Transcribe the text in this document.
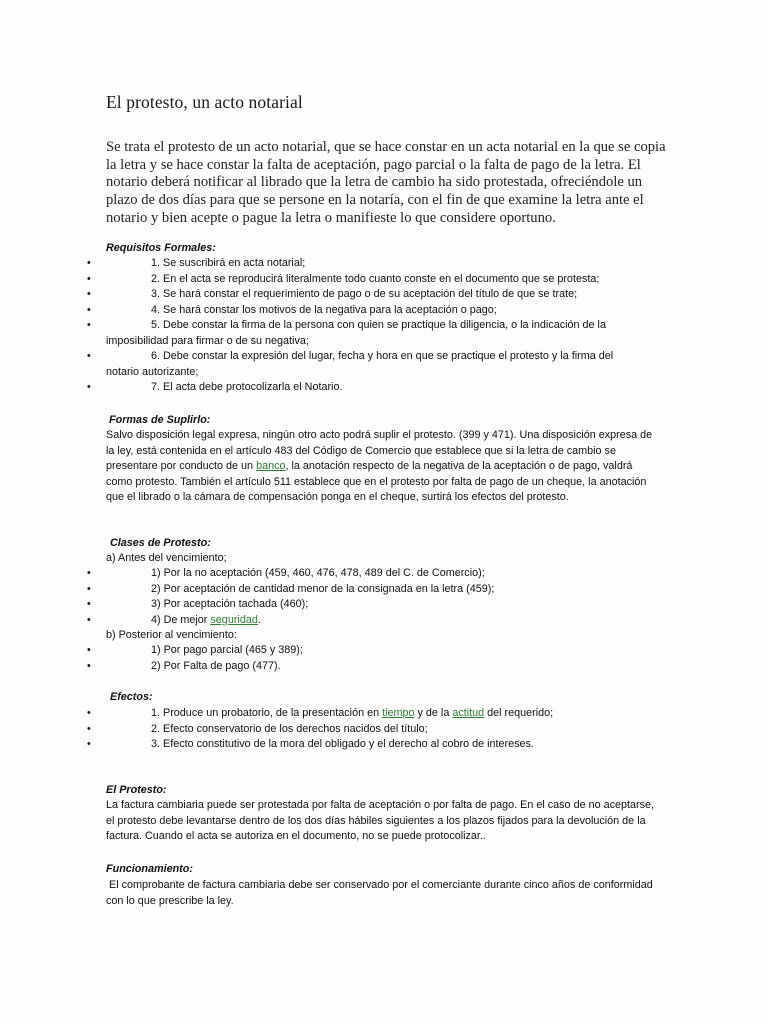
El protesto, un acto notarial
Se trata el protesto de un acto notarial, que se hace constar en un acta notarial en la que se copia la letra y se hace constar la falta de aceptación, pago parcial o la falta de pago de la letra. El notario deberá notificar al librado que la letra de cambio ha sido protestada, ofreciéndole un plazo de dos días para que se persone en la notaría, con el fin de que examine la letra ante el notario y bien acepte o pague la letra o manifieste lo que considere oportuno.
Requisitos Formales:
• 1. Se suscribirá en acta notarial;
• 2. En el acta se reproducirá literalmente todo cuanto conste en el documento que se protesta;
• 3. Se hará constar el requerimiento de pago o de su aceptación del título de que se trate;
• 4. Se hará constar los motivos de la negativa para la aceptación o pago;
• 5. Debe constar la firma de la persona con quien se practique la diligencia, o la indicación de la imposibilidad para firmar o de su negativa;
• 6. Debe constar la expresión del lugar, fecha y hora en que se practique el protesto y la firma del notario autorizante;
• 7. El acta debe protocolizarla el Notario.
Formas de Suplirlo:
Salvo disposición legal expresa, ningún otro acto podrá suplir el protesto. (399 y 471). Una disposición expresa de la ley, está contenida en el artículo 483 del Código de Comercio que establece que si la letra de cambio se presentare por conducto de un banco, la anotación respecto de la negativa de la aceptación o de pago, valdrá como protesto. También el artículo 511 establece que en el protesto por falta de pago de un cheque, la anotación que el librado o la cámara de compensación ponga en el cheque, surtirá los efectos del protesto.
Clases de Protesto:
a) Antes del vencimiento;
• 1) Por la no aceptación (459, 460, 476, 478, 489 del C. de Comercio);
• 2) Por aceptación de cantidad menor de la consignada en la letra (459);
• 3) Por aceptación tachada (460);
• 4) De mejor seguridad.
b) Posterior al vencimiento:
• 1) Por pago parcial (465 y 389);
• 2) Por Falta de pago (477).
Efectos:
• 1. Produce un probatorio, de la presentación en tiempo y de la actitud del requerido;
• 2. Efecto conservatorio de los derechos nacidos del título;
• 3. Efecto constitutivo de la mora del obligado y el derecho al cobro de intereses.
El Protesto:
La factura cambiaria puede ser protestada por falta de aceptación o por falta de pago. En el caso de no aceptarse, el protesto debe levantarse dentro de los dos días hábiles siguientes a los plazos fijados para la devolución de la factura. Cuando el acta se autoriza en el documento, no se puede protocolizar..
Funcionamiento:
El comprobante de factura cambiaria debe ser conservado por el comerciante durante cinco años de conformidad con lo que prescribe la ley.
